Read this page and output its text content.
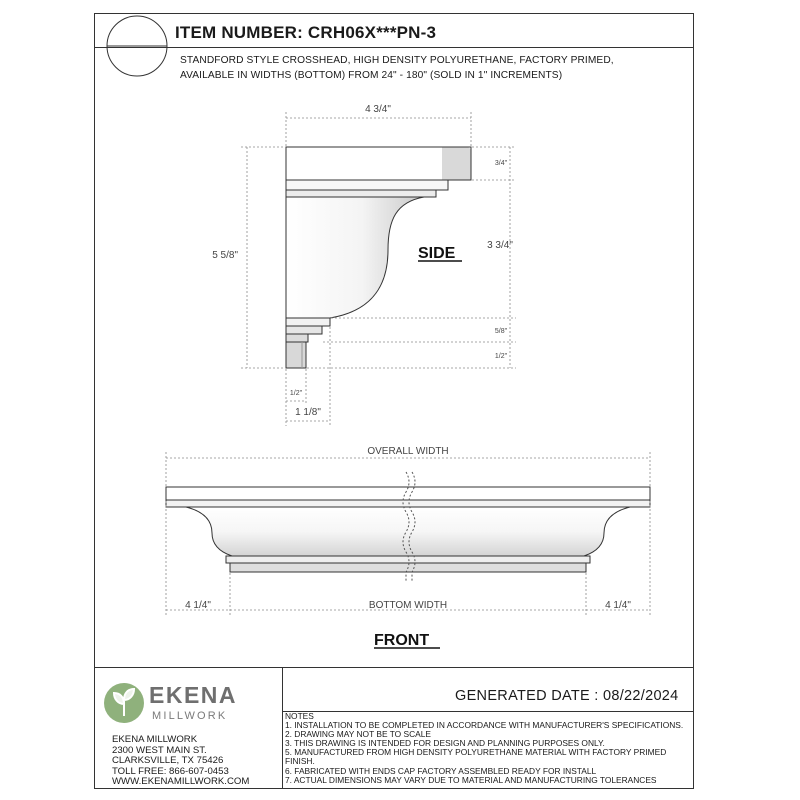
4 3/4"
5 5/8"
3/4"
3 3/4"
5/8"
1/2"
1/2"
1 1/8"
OVERALL WIDTH
BOTTOM WIDTH
4 1/4"	4 1/4"
SIDE
FRONT
ITEM NUMBER: CRH06X***PN-3
STANDFORD STYLE CROSSHEAD, HIGH DENSITY POLYURETHANE, FACTORY PRIMED,
AVAILABLE IN WIDTHS (BOTTOM) FROM 24" - 180" (SOLD IN 1" INCREMENTS)
EKENA
MILLWORK
EKENA MILLWORK
2300 WEST MAIN ST.
CLARKSVILLE, TX 75426
TOLL FREE: 866-607-0453
WWW.EKENAMILLWORK.COM
GENERATED DATE : 08/22/2024
NOTES
1. INSTALLATION TO BE COMPLETED IN ACCORDANCE WITH MANUFACTURER'S SPECIFICATIONS.
2. DRAWING MAY NOT BE TO SCALE
3. THIS DRAWING IS INTENDED FOR DESIGN AND PLANNING PURPOSES ONLY.
5. MANUFACTURED FROM HIGH DENSITY POLYURETHANE MATERIAL WITH FACTORY PRIMED
FINISH.
6. FABRICATED WITH ENDS CAP FACTORY ASSEMBLED READY FOR INSTALL
7. ACTUAL DIMENSIONS MAY VARY DUE TO MATERIAL AND MANUFACTURING TOLERANCES
